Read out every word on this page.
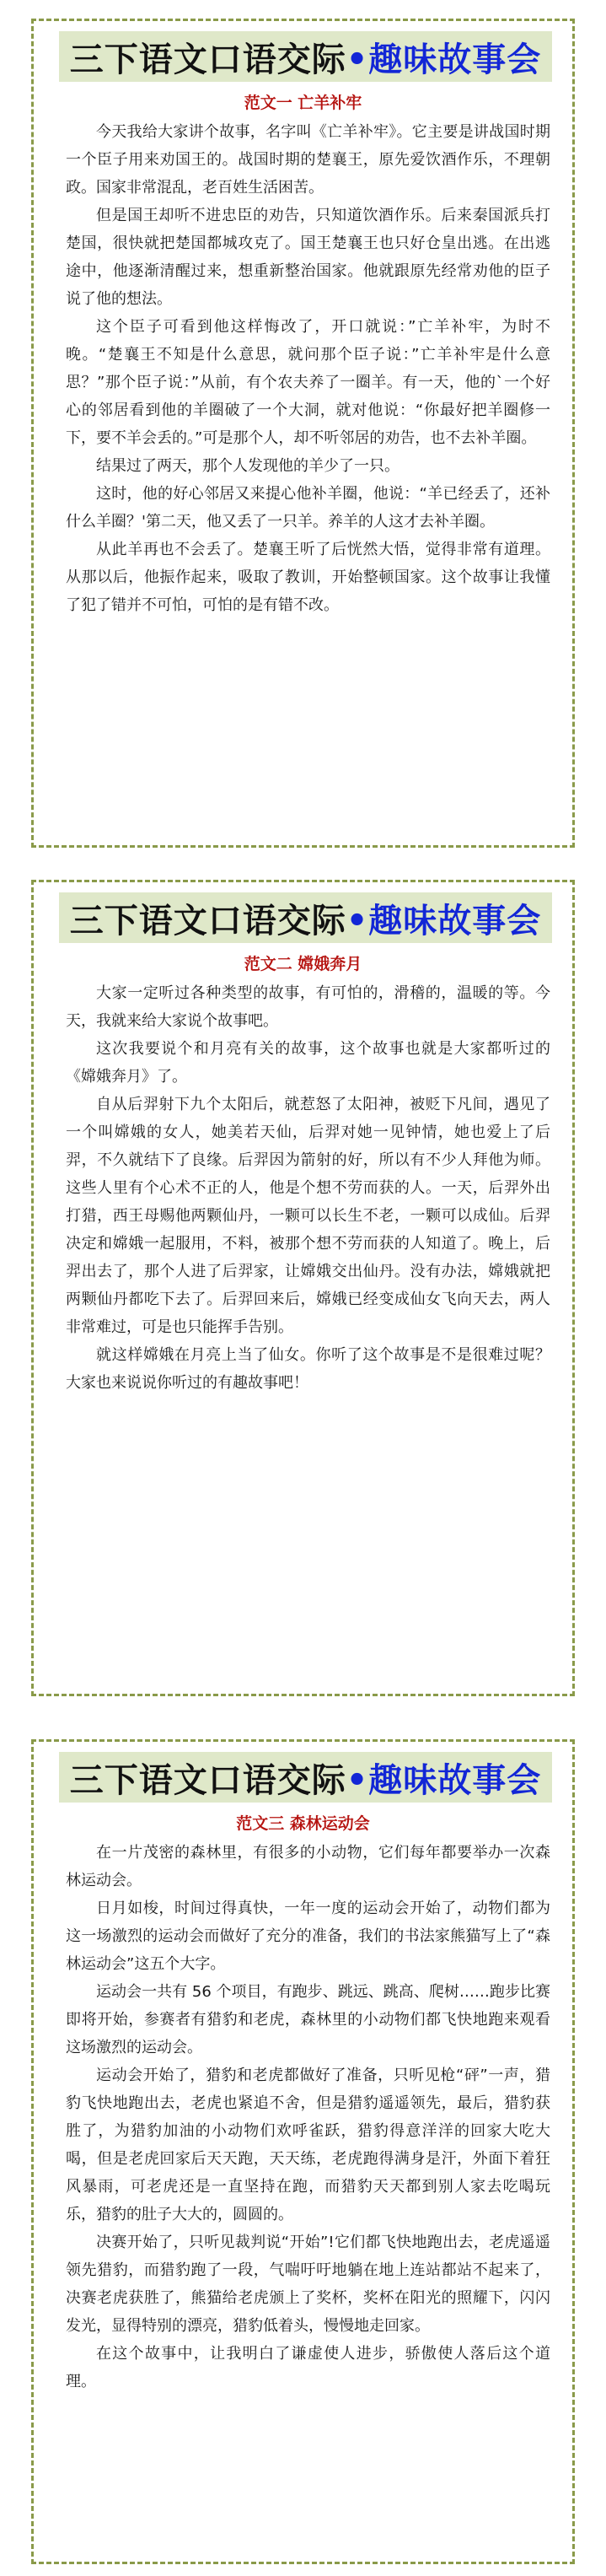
三下语文口语交际•趣味故事会
范文一 亡羊补牢

今天我给大家讲个故事，名字叫《亡羊补牢》。它主要是讲战国时期一个臣子用来劝国王的。战国时期的楚襄王，原先爱饮酒作乐，不理朝政。国家非常混乱，老百姓生活困苦。

但是国王却听不进忠臣的劝告，只知道饮酒作乐。后来秦国派兵打楚国，很快就把楚国都城攻克了。国王楚襄王也只好仓皇出逃。在出逃途中，他逐渐清醒过来，想重新整治国家。他就跟原先经常劝他的臣子说了他的想法。

这个臣子可看到他这样悔改了，开口就说：”亡羊补牢，为时不晚。“楚襄王不知是什么意思，就问那个臣子说：”亡羊补牢是什么意思？”那个臣子说：”从前，有个农夫养了一圈羊。有一天，他的`一个好心的邻居看到他的羊圈破了一个大洞，就对他说：“你最好把羊圈修一下，要不羊会丢的。”可是那个人，却不听邻居的劝告，也不去补羊圈。

结果过了两天，那个人发现他的羊少了一只。

这时，他的好心邻居又来提心他补羊圈，他说：“羊已经丢了，还补什么羊圈？'第二天，他又丢了一只羊。养羊的人这才去补羊圈。

从此羊再也不会丢了。楚襄王听了后恍然大悟，觉得非常有道理。从那以后，他振作起来，吸取了教训，开始整顿国家。这个故事让我懂了犯了错并不可怕，可怕的是有错不改。

三下语文口语交际•趣味故事会
范文二 嫦娥奔月

大家一定听过各种类型的故事，有可怕的，滑稽的，温暖的等。今天，我就来给大家说个故事吧。

这次我要说个和月亮有关的故事，这个故事也就是大家都听过的《嫦娥奔月》了。

自从后羿射下九个太阳后，就惹怒了太阳神，被贬下凡间，遇见了一个叫嫦娥的女人，她美若天仙，后羿对她一见钟情，她也爱上了后羿，不久就结下了良缘。后羿因为箭射的好，所以有不少人拜他为师。这些人里有个心术不正的人，他是个想不劳而获的人。一天，后羿外出打猎，西王母赐他两颗仙丹，一颗可以长生不老，一颗可以成仙。后羿决定和嫦娥一起服用，不料，被那个想不劳而获的人知道了。晚上，后羿出去了，那个人进了后羿家，让嫦娥交出仙丹。没有办法，嫦娥就把两颗仙丹都吃下去了。后羿回来后，嫦娥已经变成仙女飞向天去，两人非常难过，可是也只能挥手告别。

就这样嫦娥在月亮上当了仙女。你听了这个故事是不是很难过呢？大家也来说说你听过的有趣故事吧！

三下语文口语交际•趣味故事会
范文三 森林运动会

在一片茂密的森林里，有很多的小动物，它们每年都要举办一次森林运动会。

日月如梭，时间过得真快，一年一度的运动会开始了，动物们都为这一场激烈的运动会而做好了充分的准备，我们的书法家熊猫写上了“森林运动会”这五个大字。

运动会一共有 56 个项目，有跑步、跳远、跳高、爬树……跑步比赛即将开始，参赛者有猎豹和老虎，森林里的小动物们都飞快地跑来观看这场激烈的运动会。

运动会开始了，猎豹和老虎都做好了准备，只听见枪“砰”一声，猎豹飞快地跑出去，老虎也紧追不舍，但是猎豹遥遥领先，最后，猎豹获胜了，为猎豹加油的小动物们欢呼雀跃，猎豹得意洋洋的回家大吃大喝，但是老虎回家后天天跑，天天练，老虎跑得满身是汗，外面下着狂风暴雨，可老虎还是一直坚持在跑，而猎豹天天都到别人家去吃喝玩乐，猎豹的肚子大大的，圆圆的。

决赛开始了，只听见裁判说“开始”!它们都飞快地跑出去，老虎遥遥领先猎豹，而猎豹跑了一段，气喘吁吁地躺在地上连站都站不起来了，决赛老虎获胜了，熊猫给老虎颁上了奖杯，奖杯在阳光的照耀下，闪闪发光，显得特别的漂亮，猎豹低着头，慢慢地走回家。

在这个故事中，让我明白了谦虚使人进步，骄傲使人落后这个道理。
